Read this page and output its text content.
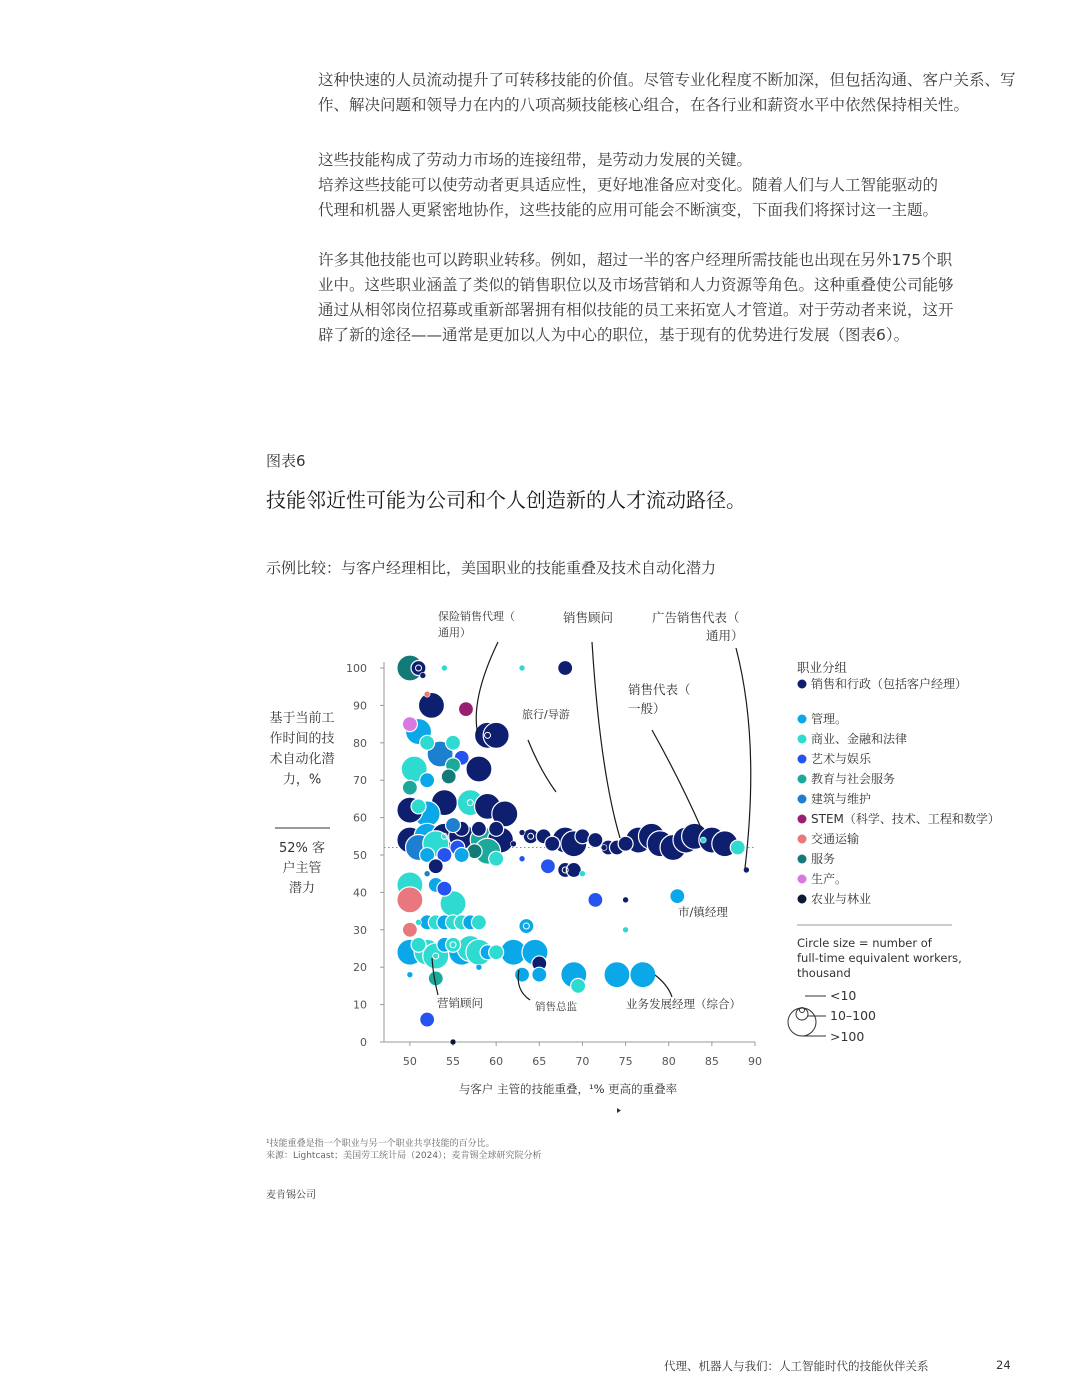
这种快速的人员流动提升了可转移技能的价值。尽管专业化程度不断加深，但包括沟通、客户关系、写
作、解决问题和领导力在内的八项高频技能核心组合，在各行业和薪资水平中依然保持相关性。
这些技能构成了劳动力市场的连接纽带，是劳动力发展的关键。
培养这些技能可以使劳动者更具适应性，更好地准备应对变化。随着人们与人工智能驱动的
代理和机器人更紧密地协作，这些技能的应用可能会不断演变，下面我们将探讨这一主题。
许多其他技能也可以跨职业转移。例如，超过一半的客户经理所需技能也出现在另外175个职
业中。这些职业涵盖了类似的销售职位以及市场营销和人力资源等角色。这种重叠使公司能够
通过从相邻岗位招募或重新部署拥有相似技能的员工来拓宽人才管道。对于劳动者来说，这开
辟了新的途径——通常是更加以人为中心的职位，基于现有的优势进行发展（图表6）。
图表6
技能邻近性可能为公司和个人创造新的人才流动路径。
示例比较：与客户经理相比，美国职业的技能重叠及技术自动化潜力
52% 客
户主管
潜力
0
10
20
30
40
50
60
70
80
90
100
50	55	60	65	70	75	80	85	90
基于当前工
作时间的技
术自动化潜
力，%
与客户 主管的技能重叠，¹% 更高的重叠率
保险销售代理（
通用）
销售顾问	广告销售代表（
通用）
旅行/导游
销售代表（
一般）
市/镇经理
营销顾问	销售总监	业务发展经理（综合）
职业分组
销售和行政（包括客户经理）
管理。
商业、金融和法律
艺术与娱乐
教育与社会服务
建筑与维护
STEM（科学、技术、工程和数学）
交通运输
服务
生产。
农业与林业
Circle size = number of
full-time equivalent workers,
thousand
<10
10–100
>100
¹技能重叠是指一个职业与另一个职业共享技能的百分比。
来源：Lightcast；美国劳工统计局（2024）；麦肯锡全球研究院分析
麦肯锡公司
代理、机器人与我们：人工智能时代的技能伙伴关系	24
